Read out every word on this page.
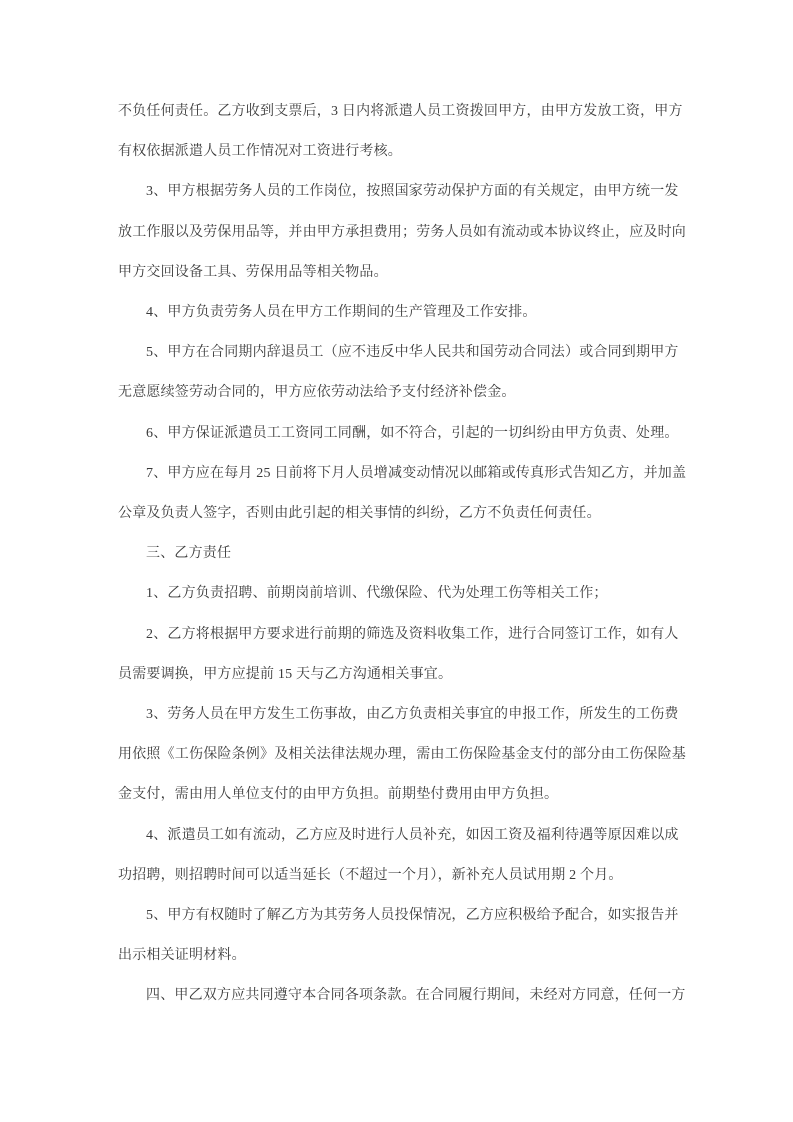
不负任何责任。乙方收到支票后，3 日内将派遣人员工资拨回甲方，由甲方发放工资，甲方
有权依据派遣人员工作情况对工资进行考核。
3、甲方根据劳务人员的工作岗位，按照国家劳动保护方面的有关规定，由甲方统一发
放工作服以及劳保用品等，并由甲方承担费用；劳务人员如有流动或本协议终止，应及时向
甲方交回设备工具、劳保用品等相关物品。
4、甲方负责劳务人员在甲方工作期间的生产管理及工作安排。
5、甲方在合同期内辞退员工（应不违反中华人民共和国劳动合同法）或合同到期甲方
无意愿续签劳动合同的，甲方应依劳动法给予支付经济补偿金。
6、甲方保证派遣员工工资同工同酬，如不符合，引起的一切纠纷由甲方负责、处理。
7、甲方应在每月 25 日前将下月人员增减变动情况以邮箱或传真形式告知乙方，并加盖
公章及负责人签字，否则由此引起的相关事情的纠纷，乙方不负责任何责任。
三、乙方责任
1、乙方负责招聘、前期岗前培训、代缴保险、代为处理工伤等相关工作；
2、乙方将根据甲方要求进行前期的筛选及资料收集工作，进行合同签订工作，如有人
员需要调换，甲方应提前 15 天与乙方沟通相关事宜。
3、劳务人员在甲方发生工伤事故，由乙方负责相关事宜的申报工作，所发生的工伤费
用依照《工伤保险条例》及相关法律法规办理，需由工伤保险基金支付的部分由工伤保险基
金支付，需由用人单位支付的由甲方负担。前期垫付费用由甲方负担。
4、派遣员工如有流动，乙方应及时进行人员补充，如因工资及福利待遇等原因难以成
功招聘，则招聘时间可以适当延长（不超过一个月），新补充人员试用期 2 个月。
5、甲方有权随时了解乙方为其劳务人员投保情况，乙方应积极给予配合，如实报告并
出示相关证明材料。
四、甲乙双方应共同遵守本合同各项条款。在合同履行期间，未经对方同意，任何一方
